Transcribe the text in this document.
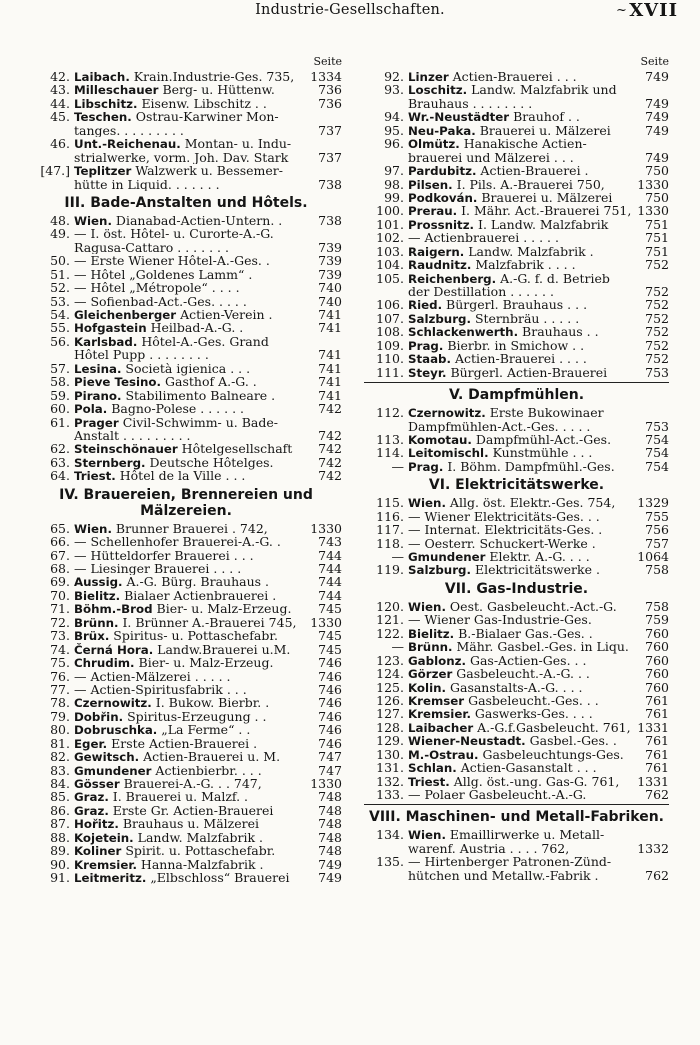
Industrie-Gesellschaften.	~ XVII
Seite
42. Laibach. Krain.Industrie-Ges. 735,	1334
43. Milleschauer Berg- u. Hüttenw.	736
44. Libschitz. Eisenw. Libschitz . .	736
45. Teschen. Ostrau-Karwiner Mon-
tanges. . . . . . . . .	737
46. Unt.-Reichenau. Montan- u. Indu-
strialwerke, vorm. Joh. Dav. Stark	737
[47.] Teplitzer Walzwerk u. Bessemer-
hütte in Liquid. . . . . . .	738
III. Bade-Anstalten und Hôtels.
48. Wien. Dianabad-Actien-Untern. .	738
49. — I. öst. Hôtel- u. Curorte-A.-G.
Ragusa-Cattaro . . . . . . .	739
50. — Erste Wiener Hôtel-A.-Ges. .	739
51. — Hôtel „Goldenes Lamm“ .	739
52. — Hôtel „Métropole“ . . . .	740
53. — Sofienbad-Act.-Ges. . . . .	740
54. Gleichenberger Actien-Verein .	741
55. Hofgastein Heilbad-A.-G. .	741
56. Karlsbad. Hôtel-A.-Ges. Grand
Hôtel Pupp . . . . . . . .	741
57. Lesina. Società igienica . . .	741
58. Pieve Tesino. Gasthof A.-G. .	741
59. Pirano. Stabilimento Balneare .	741
60. Pola. Bagno-Polese . . . . . .	742
61. Prager Civil-Schwimm- u. Bade-
Anstalt . . . . . . . . .	742
62. Steinschönauer Hôtelgesellschaft	742
63. Sternberg. Deutsche Hôtelges.	742
64. Triest. Hôtel de la Ville . . .	742
IV. Brauereien, Brennereien und
Mälzereien.
65. Wien. Brunner Brauerei . 742,	1330
66. — Schellenhofer Brauerei-A.-G. .	743
67. — Hütteldorfer Brauerei . . .	744
68. — Liesinger Brauerei . . . .	744
69. Aussig. A.-G. Bürg. Brauhaus .	744
70. Bielitz. Bialaer Actienbrauerei .	744
71. Böhm.-Brod Bier- u. Malz-Erzeug.	745
72. Brünn. I. Brünner A.-Brauerei 745,	1330
73. Brüx. Spiritus- u. Pottaschefabr.	745
74. Černá Hora. Landw.Brauerei u.M.	745
75. Chrudim. Bier- u. Malz-Erzeug.	746
76. — Actien-Mälzerei . . . . .	746
77. — Actien-Spiritusfabrik . . .	746
78. Czernowitz. I. Bukow. Bierbr. .	746
79. Dobřin. Spiritus-Erzeugung . .	746
80. Dobruschka. „La Ferme“ . .	746
81. Eger. Erste Actien-Brauerei .	746
82. Gewitsch. Actien-Brauerei u. M.	747
83. Gmundener Actienbierbr. . . .	747
84. Gösser Brauerei-A.-G. . . 747,	1330
85. Graz. I. Brauerei u. Malzf. .	748
86. Graz. Erste Gr. Actien-Brauerei	748
87. Hořitz. Brauhaus u. Mälzerei	748
88. Kojetein. Landw. Malzfabrik .	748
89. Koliner Spirit. u. Pottaschefabr.	748
90. Kremsier. Hanna-Malzfabrik .	749
91. Leitmeritz. „Elbschloss“ Brauerei	749
Seite
92. Linzer Actien-Brauerei . . .	749
93. Loschitz. Landw. Malzfabrik und
Brauhaus . . . . . . . .	749
94. Wr.-Neustädter Brauhof . .	749
95. Neu-Paka. Brauerei u. Mälzerei	749
96. Olmütz. Hanakische Actien-
brauerei und Mälzerei . . .	749
97. Pardubitz. Actien-Brauerei .	750
98. Pilsen. I. Pils. A.-Brauerei 750,	1330
99. Podkován. Brauerei u. Mälzerei	750
100. Prerau. I. Mähr. Act.-Brauerei 751, 1330
101. Prossnitz. I. Landw. Malzfabrik	751
102. — Actienbrauerei . . . . .	751
103. Raigern. Landw. Malzfabrik .	751
104. Raudnitz. Malzfabrik . . . .	752
105. Reichenberg. A.-G. f. d. Betrieb
der Destillation . . . . . .	752
106. Ried. Bürgerl. Brauhaus . . .	752
107. Salzburg. Sternbräu . . . . .	752
108. Schlackenwerth. Brauhaus . .	752
109. Prag. Bierbr. in Smichow . .	752
110. Staab. Actien-Brauerei . . . .	752
111. Steyr. Bürgerl. Actien-Brauerei	753
V. Dampfmühlen.
112. Czernowitz. Erste Bukowinaer
Dampfmühlen-Act.-Ges. . . . .	753
113. Komotau. Dampfmühl-Act.-Ges.	754
114. Leitomischl. Kunstmühle . . .	754
— Prag. I. Böhm. Dampfmühl.-Ges.	754
VI. Elektricitätswerke.
115. Wien. Allg. öst. Elektr.-Ges. 754,	1329
116. — Wiener Elektricitäts-Ges. . .	755
117. — Internat. Elektricitäts-Ges. .	756
118. — Oesterr. Schuckert-Werke .	757
— Gmundener Elektr. A.-G. . . .	1064
119. Salzburg. Elektricitätswerke .	758
VII. Gas-Industrie.
120. Wien. Oest. Gasbeleucht.-Act.-G.	758
121. — Wiener Gas-Industrie-Ges.	759
122. Bielitz. B.-Bialaer Gas.-Ges. .	760
— Brünn. Mähr. Gasbel.-Ges. in Liqu.	760
123. Gablonz. Gas-Actien-Ges. . .	760
124. Görzer Gasbeleucht.-A.-G. . .	760
125. Kolin. Gasanstalts-A.-G. . . .	760
126. Kremser Gasbeleucht.-Ges. . .	761
127. Kremsier. Gaswerks-Ges. . . .	761
128. Laibacher A.-G.f.Gasbeleucht. 761, 1331
129. Wiener-Neustadt. Gasbel.-Ges. .	761
130. M.-Ostrau. Gasbeleuchtungs-Ges.	761
131. Schlan. Actien-Gasanstalt . . .	761
132. Triest. Allg. öst.-ung. Gas-G. 761,	1331
133. — Polaer Gasbeleucht.-A.-G.	762
VIII. Maschinen- und Metall-Fabriken.
134. Wien. Emaillirwerke u. Metall-
warenf. Austria . . . . 762,	1332
135. — Hirtenberger Patronen-Zünd-
hütchen und Metallw.-Fabrik .	762
